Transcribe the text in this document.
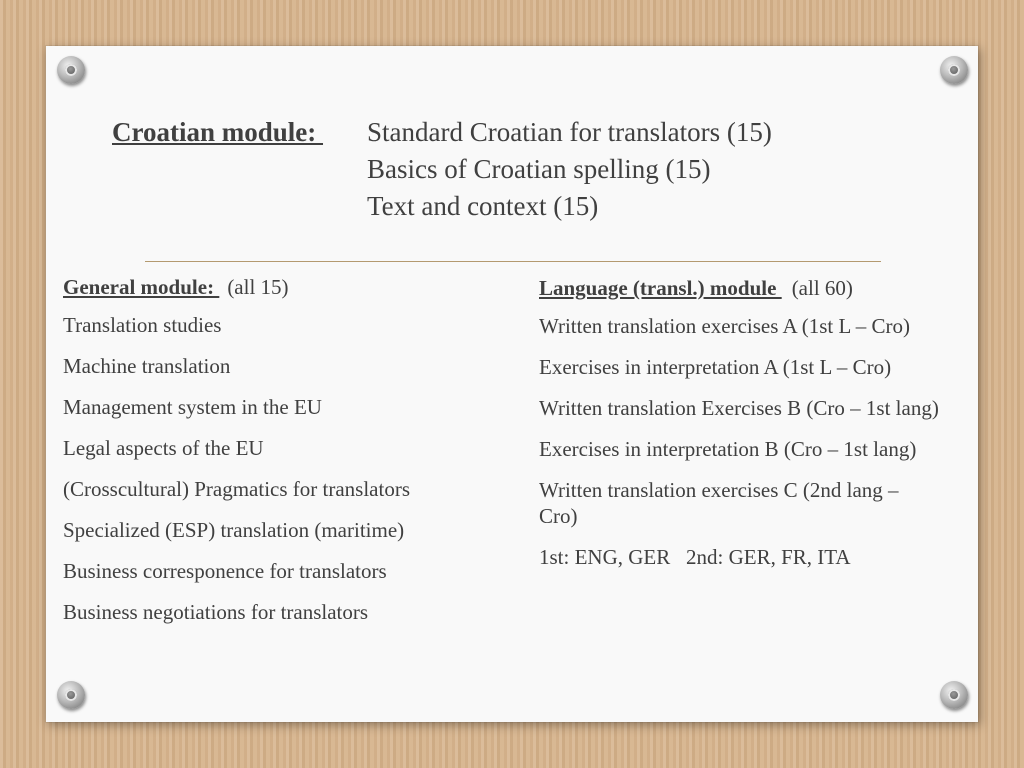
Croatian module: Standard Croatian for translators (15)
Basics of Croatian spelling (15)
Text and context (15)
General module: (all 15)
Translation studies
Machine translation
Management system in the EU
Legal aspects of the EU
(Crosscultural) Pragmatics for translators
Specialized (ESP) translation (maritime)
Business corresponence for translators
Business negotiations for translators
Language (transl.) module (all 60)
Written translation exercises A (1st L – Cro)
Exercises in interpretation A (1st L – Cro)
Written translation Exercises B (Cro – 1st lang)
Exercises in interpretation B (Cro – 1st lang)
Written translation exercises C (2nd lang – Cro)
1st: ENG, GER   2nd: GER, FR, ITA
